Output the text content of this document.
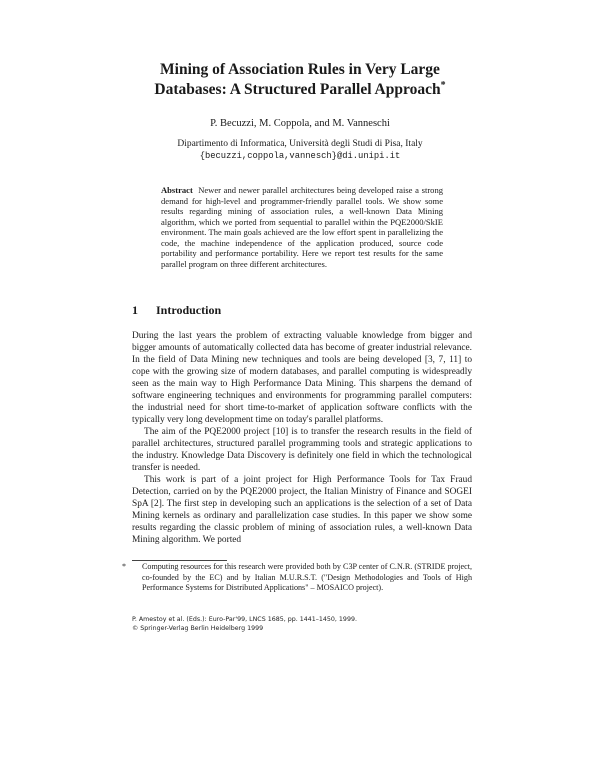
Mining of Association Rules in Very Large
Databases: A Structured Parallel Approach*
P. Becuzzi, M. Coppola, and M. Vanneschi
Dipartimento di Informatica, Università degli Studi di Pisa, Italy
{becuzzi,coppola,vannesch}@di.unipi.it
Abstract Newer and newer parallel architectures being developed raise a strong demand for high-level and programmer-friendly parallel tools. We show some results regarding mining of association rules, a well-known Data Mining algorithm, which we ported from sequential to parallel within the PQE2000/SkIE environment. The main goals achieved are the low effort spent in parallelizing the code, the machine independence of the application produced, source code portability and performance portability. Here we report test results for the same parallel program on three different architectures.
1 Introduction

During the last years the problem of extracting valuable knowledge from bigger and bigger amounts of automatically collected data has become of greater industrial relevance. In the field of Data Mining new techniques and tools are being developed [3, 7, 11] to cope with the growing size of modern databases, and parallel computing is widespreadly seen as the main way to High Performance Data Mining. This sharpens the demand of software engineering techniques and environments for programming parallel computers: the industrial need for short time-to-market of application software conflicts with the typically very long development time on today's parallel platforms.

The aim of the PQE2000 project [10] is to transfer the research results in the field of parallel architectures, structured parallel programming tools and strategic applications to the industry. Knowledge Data Discovery is definitely one field in which the technological transfer is needed.

This work is part of a joint project for High Performance Tools for Tax Fraud Detection, carried on by the PQE2000 project, the Italian Ministry of Finance and SOGEI SpA [2]. The first step in developing such an applications is the selection of a set of Data Mining kernels as ordinary and parallelization case studies. In this paper we show some results regarding the classic problem of mining of association rules, a well-known Data Mining algorithm. We ported

* Computing resources for this research were provided both by C3P center of C.N.R. (STRIDE project, co-founded by the EC) and by Italian M.U.R.S.T. ("Design Methodologies and Tools of High Performance Systems for Distributed Applications" – MOSAICO project).
P. Amestoy et al. (Eds.): Euro-Par'99, LNCS 1685, pp. 1441–1450, 1999.
© Springer-Verlag Berlin Heidelberg 1999
